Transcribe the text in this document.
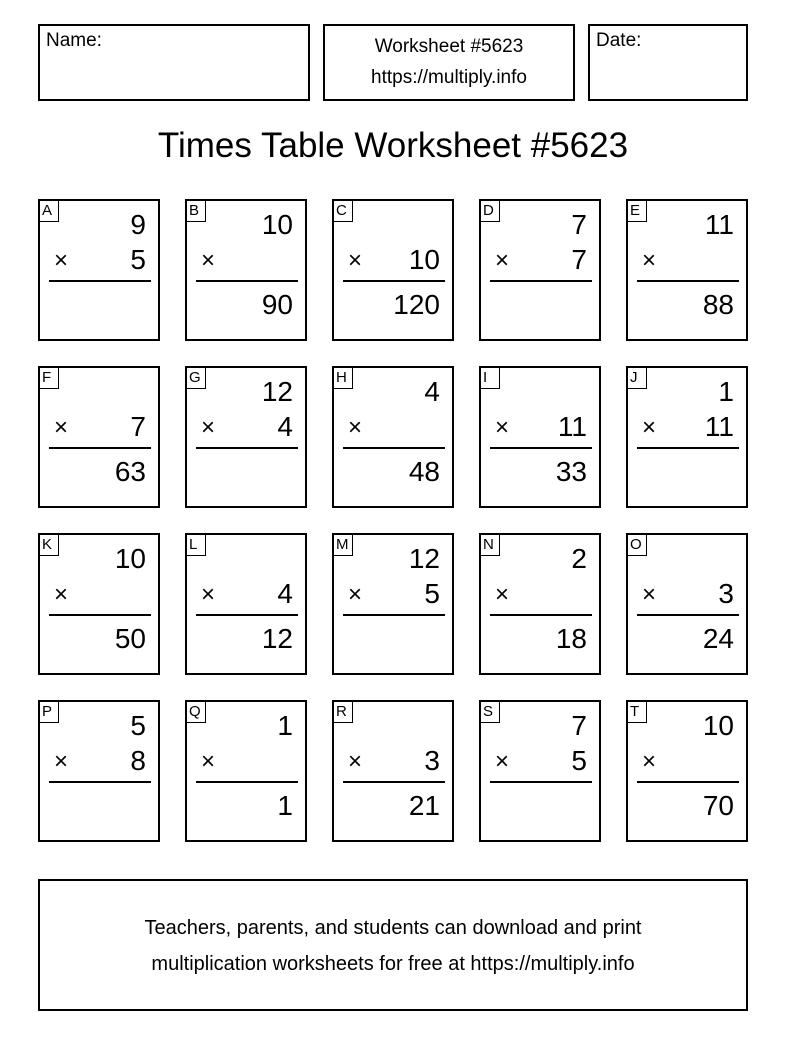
Name:	Worksheet #5623
https://multiply.info
Date:
Times Table Worksheet #5623
A	9
× 5
B 10
×
90
C
× 10
120
D	7
× 7
E 11
×
88
F
× 7
63
G 12
× 4
H	4
×
48
I
× 11
33
J	1
× 11
K 10
×
50
L
× 4
12
M 12
× 5
N	2
×
18
O
× 3
24
P	5
× 8
Q	1
×
1
R
× 3
21
S	7
× 5
T 10
×
70
Teachers, parents, and students can download and print
multiplication worksheets for free at https://multiply.info
